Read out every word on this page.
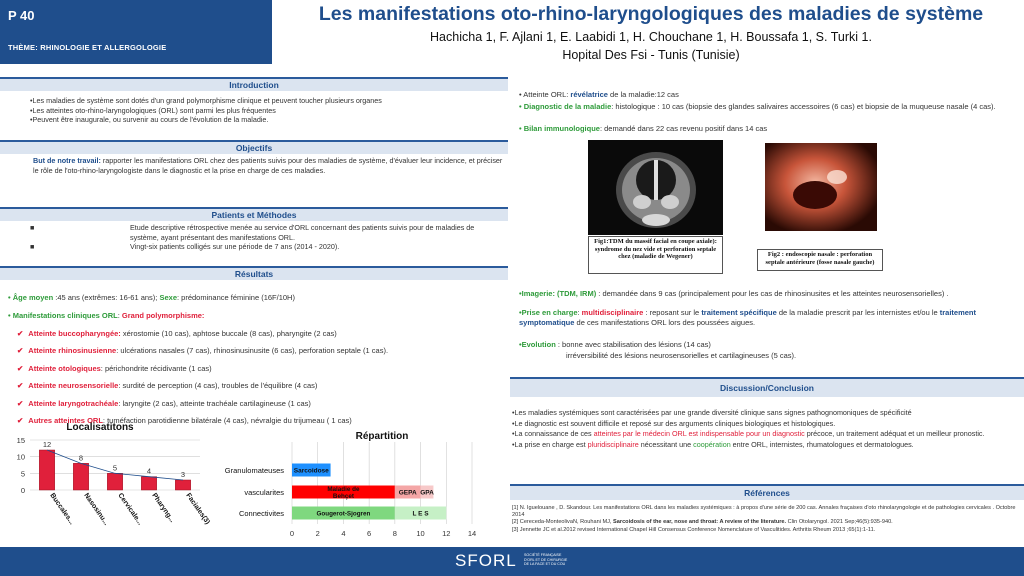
P 40
THÈME: RHINOLOGIE ET ALLERGOLOGIE
Les manifestations oto-rhino-laryngologiques des maladies de système
Hachicha 1, F. Ajlani 1, E. Laabidi 1, H. Chouchane 1, H. Boussafa 1, S. Turki 1.
Hopital Des Fsi - Tunis (Tunisie)
Introduction
•Les maladies de système sont dotés d'un grand polymorphisme clinique et peuvent toucher plusieurs organes
•Les atteintes oto-rhino-laryngologiques (ORL) sont parmi les plus fréquentes
•Peuvent être inaugurale, ou survenir au cours de l'évolution de la maladie.
Objectifs
But de notre travail: rapporter les manifestations ORL chez des patients suivis pour des maladies de système, d'évaluer leur incidence, et préciser le rôle de l'oto-rhino-laryngologiste dans le diagnostic et la prise en charge de ces maladies.
Patients et Méthodes
■	Etude descriptive rétrospective menée au service d'ORL concernant des patients suivis pour de maladies de système, ayant présentant des manifestations ORL.
■	Vingt-six patients colligés sur une période de 7 ans (2014 - 2020).
Résultats
• Âge moyen :45 ans (extrêmes: 16-61 ans); Sexe: prédominance féminine (16F/10H)
• Manifestations cliniques ORL: Grand polymorphisme:
✔ Atteinte buccopharyngée: xérostomie (10 cas), aphtose buccale (8 cas), pharyngite (2 cas)
✔ Atteinte rhinosinusienne: ulcérations nasales (7 cas), rhinosinusinusite (6 cas), perforation septale (1 cas).
✔ Atteinte otologiques: périchondrite récidivante (1 cas)
✔ Atteinte neurosensorielle: surdité de perception (4 cas), troubles de l'équilibre (4 cas)
✔ Atteinte laryngotrachéale: laryngite (2 cas), atteinte trachéale cartilagineuse (1 cas)
✔ Autres atteintes ORL: tuméfaction parotidienne bilatérale (4 cas), névralgie du trijumeau ( 1 cas)
Localisatitons
0
5
10
15 12
Buccales...
8
Nasosinu...
5
Cervicale...
4
Pharyng...
3
Faciales(3)
Répartition
0	2	4	6	8	10 12 14
Granulomateuses Sarcoidose
vascularites	Maladie de
Behçet	GEPA GPA
Connectivites	Gougerot-Sjogren	L E S
• Atteinte ORL: révélatrice de la maladie:12 cas
• Diagnostic de la maladie: histologique : 10 cas (biopsie des glandes salivaires accessoires (6 cas) et biopsie de la muqueuse nasale (4 cas).
• Bilan immunologique: demandé dans 22 cas revenu positif dans 14 cas
Fig1:TDM du massif facial en coupe axiale): syndrome du nez vide et perforation septale chez (maladie de Wegener)	Fig2 : endoscopie nasale : perforation septale antérieure (fosse nasale gauche)
•Imagerie: (TDM, IRM) : demandée dans 9 cas (principalement pour les cas de rhinosinusites et les atteintes neurosensorielles) .
•Prise en charge: multidisciplinaire : reposant sur le traitement spécifique de la maladie prescrit par les internistes et/ou le traitement symptomatique de ces manifestations ORL lors des poussées aigues.
•Evolution : bonne avec stabilisation des lésions (14 cas)
irréversibilité des lésions neurosensorielles et cartilagineuses (5 cas).
Discussion/Conclusion
•Les maladies systémiques sont caractérisées par une grande diversité clinique sans signes pathognomoniques de spécificité
•Le diagnostic est souvent difficile et reposé sur des arguments cliniques biologiques et histologiques.
•La connaissance de ces atteintes par le médecin ORL est indispensable pour un diagnostic précoce, un traitement adéquat et un meilleur pronostic.
•La prise en charge est pluridisciplinaire nécessitant une coopération entre ORL, internistes, rhumatologues et dermatologues.
Références
[1] N. Iguelouane , D. Skandour. Les manifestations ORL dans les maladies systémiques : à propos d'une série de 200 cas. Annales fraçaises d'oto rhinolaryngologie et de pathologies cervicales . Octobre 2014
[2] Cereceda-MonteolivaN, Rouhani MJ, Sarcoidosis of the ear, nose and throat: A review of the literature. Clin Otolaryngol. 2021 Sep;46(5):935-940.
[3] Jennette JC et al.2012 revised International Chapel Hill Consensus Conference Nomenclature of Vasculitides. Arthritis Rheum 2013 ;65(1):1-11.
SFORL SOCIÉTÉ FRANÇAISE
D'ORL ET DE CHIRURGIE
DE LA FACE ET DU COU
